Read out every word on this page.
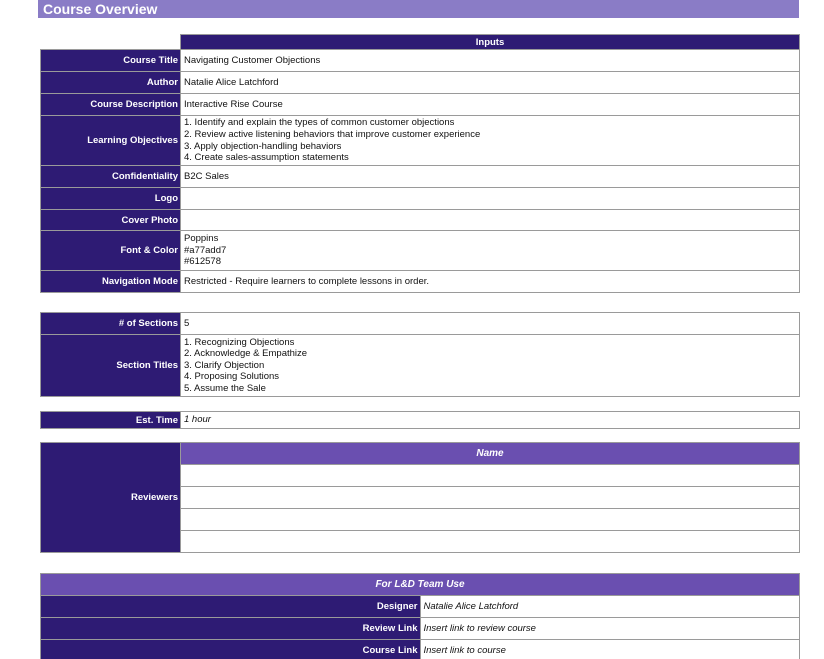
Course Overview
	Inputs
Course Title	Navigating Customer Objections
Author	Natalie Alice Latchford
Course Description	Interactive Rise Course
Learning Objectives	1. Identify and explain the types of common customer objections
2. Review active listening behaviors that improve customer experience
3. Apply objection-handling behaviors
4. Create sales-assumption statements

Confidentiality	B2C Sales
Logo	
Cover Photo	
Font & Color	Poppins
#a77add7
#612578

Navigation Mode	Restricted - Require learners to complete lessons in order.
# of Sections	5
Section Titles	1. Recognizing Objections
2. Acknowledge & Empathize
3. Clarify Objection
4. Proposing Solutions
5. Assume the Sale
Est. Time	1 hour
Reviewers	Name

For L&D Team Use	
Designer	Natalie Alice Latchford
Review Link	Insert link to review course
Course Link	Insert link to course
